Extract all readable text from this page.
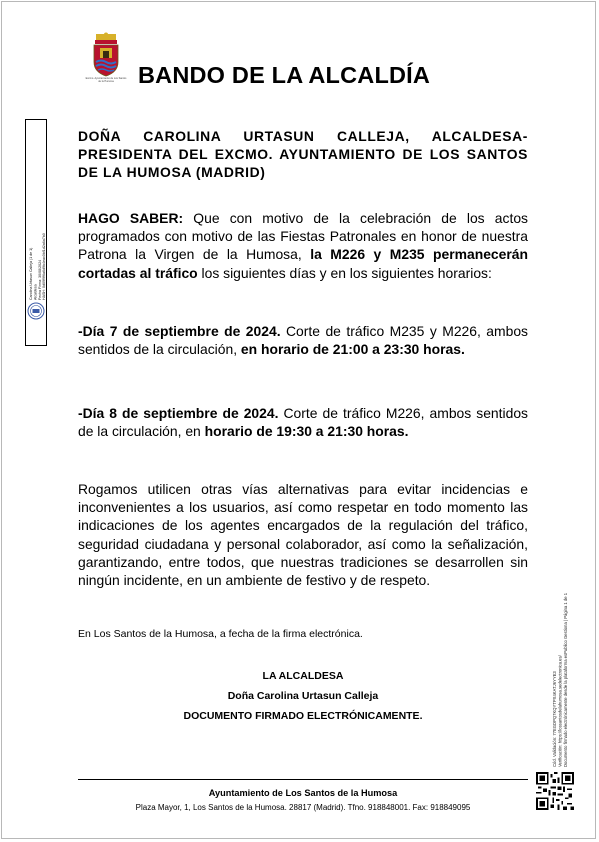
Excmo. Ayuntamiento de Los Santos de la Humosa	BANDO DE LA ALCALDÍA
Carolina Urtasun Calleja (1 de 1) Alcaldesa Fecha Firma: 30/08/2024 HASH: 0d09f9f6a6d9b4eac0bf1d2a6a7b0
DOÑA CAROLINA URTASUN CALLEJA, ALCALDESA-PRESIDENTA DEL EXCMO. AYUNTAMIENTO DE LOS SANTOS DE LA HUMOSA (MADRID)
HAGO SABER: Que con motivo de la celebración de los actos programados con motivo de las Fiestas Patronales en honor de nuestra Patrona la Virgen de la Humosa, la M226 y M235 permanecerán cortadas al tráfico los siguientes días y en los siguientes horarios:
-Día 7 de septiembre de 2024. Corte de tráfico M235 y M226, ambos sentidos de la circulación, en horario de 21:00 a 23:30 horas.
-Día 8 de septiembre de 2024. Corte de tráfico M226, ambos sentidos de la circulación, en horario de 19:30 a 21:30 horas.
Rogamos utilicen otras vías alternativas para evitar incidencias e inconvenientes a los usuarios, así como respetar en todo momento las indicaciones de los agentes encargados de la regulación del tráfico, seguridad ciudadana y personal colaborador, así como la señalización, garantizando, entre todos, que nuestras tradiciones se desarrollen sin ningún incidente, en un ambiente de festivo y de respeto.
En Los Santos de la Humosa, a fecha de la firma electrónica.
LA ALCALDESA
Doña Carolina Urtasun Calleja
DOCUMENTO FIRMADO ELECTRÓNICAMENTE.
Ayuntamiento de Los Santos de la Humosa
Plaza Mayor, 1, Los Santos de la Humosa. 28817 (Madrid). Tfno. 918848001. Fax: 918849095
Cód. Validación: 77EGDPQ7KQYTPX4KATJ6YYE3 Verificación: https://lossantosdelahumosa.sedelectronica.es/ Documento firmado electrónicamente desde la plataforma esPublico Gestiona | Página 1 de 1
